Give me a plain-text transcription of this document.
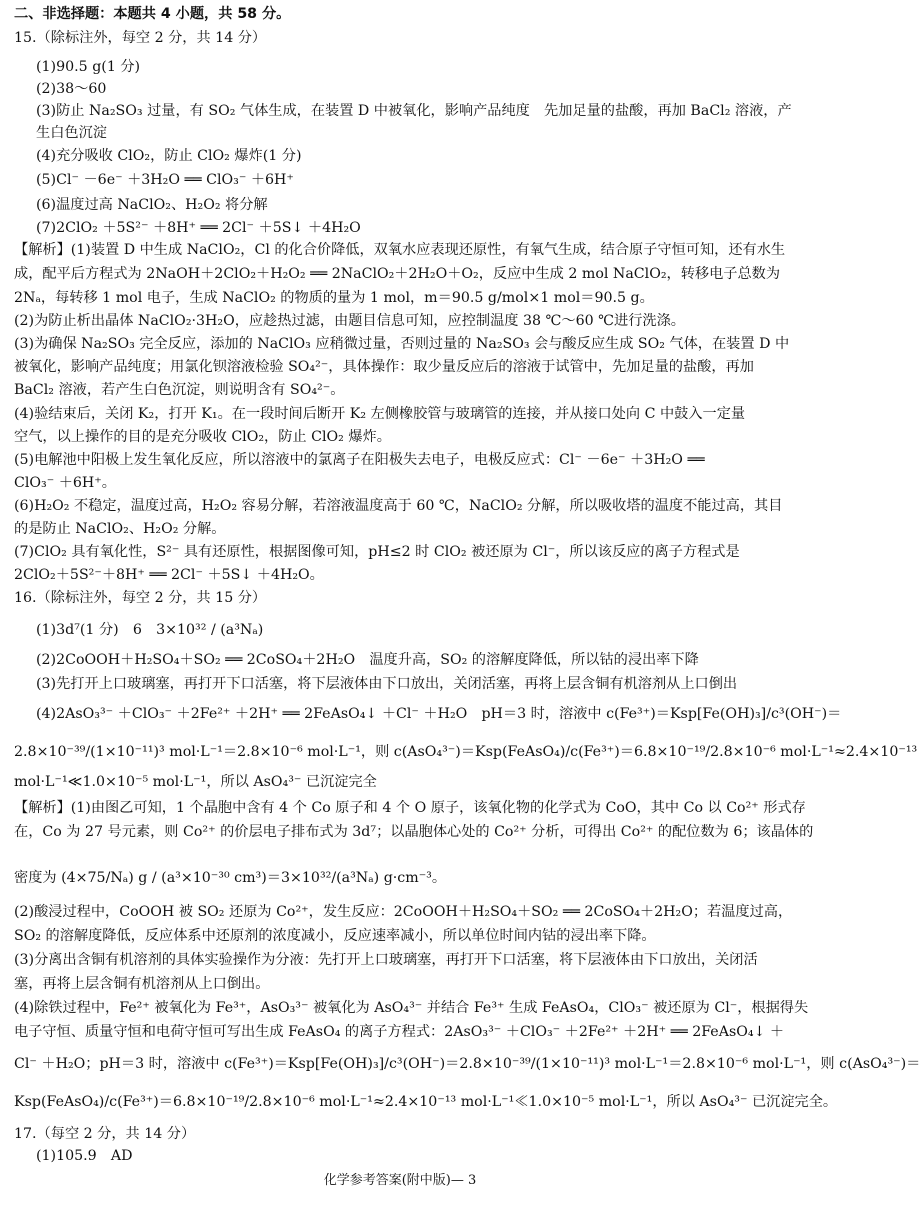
二、非选择题：本题共 4 小题，共 58 分。
15.（除标注外，每空 2 分，共 14 分）
(1)90.5 g(1 分)
(2)38～60
(3)防止 Na₂SO₃ 过量，有 SO₂ 气体生成，在装置 D 中被氧化，影响产品纯度　先加足量的盐酸，再加 BaCl₂ 溶液，产
生白色沉淀
(4)充分吸收 ClO₂，防止 ClO₂ 爆炸(1 分)
(5)Cl⁻ －6e⁻ ＋3H₂O ══ ClO₃⁻ ＋6H⁺
(6)温度过高 NaClO₂、H₂O₂ 将分解
(7)2ClO₂ ＋5S²⁻ ＋8H⁺ ══ 2Cl⁻ ＋5S↓ ＋4H₂O
【解析】(1)装置 D 中生成 NaClO₂，Cl 的化合价降低，双氧水应表现还原性，有氧气生成，结合原子守恒可知，还有水生
成，配平后方程式为 2NaOH＋2ClO₂＋H₂O₂ ══ 2NaClO₂＋2H₂O＋O₂，反应中生成 2 mol NaClO₂，转移电子总数为
2Nₐ，每转移 1 mol 电子，生成 NaClO₂ 的物质的量为 1 mol，m＝90.5 g/mol×1 mol＝90.5 g。
(2)为防止析出晶体 NaClO₂·3H₂O，应趁热过滤，由题目信息可知，应控制温度 38 ℃～60 ℃进行洗涤。
(3)为确保 Na₂SO₃ 完全反应，添加的 NaClO₃ 应稍微过量，否则过量的 Na₂SO₃ 会与酸反应生成 SO₂ 气体，在装置 D 中
被氧化，影响产品纯度；用氯化钡溶液检验 SO₄²⁻，具体操作：取少量反应后的溶液于试管中，先加足量的盐酸，再加
BaCl₂ 溶液，若产生白色沉淀，则说明含有 SO₄²⁻。
(4)验结束后，关闭 K₂，打开 K₁。在一段时间后断开 K₂ 左侧橡胶管与玻璃管的连接，并从接口处向 C 中鼓入一定量
空气，以上操作的目的是充分吸收 ClO₂，防止 ClO₂ 爆炸。
(5)电解池中阳极上发生氧化反应，所以溶液中的氯离子在阳极失去电子，电极反应式：Cl⁻ －6e⁻ ＋3H₂O ══
ClO₃⁻ ＋6H⁺。
(6)H₂O₂ 不稳定，温度过高，H₂O₂ 容易分解，若溶液温度高于 60 ℃，NaClO₂ 分解，所以吸收塔的温度不能过高，其目
的是防止 NaClO₂、H₂O₂ 分解。
(7)ClO₂ 具有氧化性，S²⁻ 具有还原性，根据图像可知，pH≤2 时 ClO₂ 被还原为 Cl⁻，所以该反应的离子方程式是
2ClO₂＋5S²⁻＋8H⁺ ══ 2Cl⁻ ＋5S↓ ＋4H₂O。
16.（除标注外，每空 2 分，共 15 分）
(1)3d⁷(1 分)　6　3×10³² / (a³Nₐ)
(2)2CoOOH＋H₂SO₄＋SO₂ ══ 2CoSO₄＋2H₂O　温度升高，SO₂ 的溶解度降低，所以钴的浸出率下降
(3)先打开上口玻璃塞，再打开下口活塞，将下层液体由下口放出，关闭活塞，再将上层含铜有机溶剂从上口倒出
(4)2AsO₃³⁻ ＋ClO₃⁻ ＋2Fe²⁺ ＋2H⁺ ══ 2FeAsO₄↓ ＋Cl⁻ ＋H₂O　pH＝3 时，溶液中 c(Fe³⁺)＝Ksp[Fe(OH)₃]/c³(OH⁻)＝
2.8×10⁻³⁹/(1×10⁻¹¹)³ mol·L⁻¹＝2.8×10⁻⁶ mol·L⁻¹，则 c(AsO₄³⁻)＝Ksp(FeAsO₄)/c(Fe³⁺)＝6.8×10⁻¹⁹/2.8×10⁻⁶ mol·L⁻¹≈2.4×10⁻¹³
mol·L⁻¹≪1.0×10⁻⁵ mol·L⁻¹，所以 AsO₄³⁻ 已沉淀完全
【解析】(1)由图乙可知，1 个晶胞中含有 4 个 Co 原子和 4 个 O 原子，该氧化物的化学式为 CoO，其中 Co 以 Co²⁺ 形式存
在，Co 为 27 号元素，则 Co²⁺ 的价层电子排布式为 3d⁷；以晶胞体心处的 Co²⁺ 分析，可得出 Co²⁺ 的配位数为 6；该晶体的
密度为 (4×75/Nₐ) g / (a³×10⁻³⁰ cm³)＝3×10³²/(a³Nₐ) g·cm⁻³。
(2)酸浸过程中，CoOOH 被 SO₂ 还原为 Co²⁺，发生反应：2CoOOH＋H₂SO₄＋SO₂ ══ 2CoSO₄＋2H₂O；若温度过高，
SO₂ 的溶解度降低，反应体系中还原剂的浓度减小，反应速率减小，所以单位时间内钴的浸出率下降。
(3)分离出含铜有机溶剂的具体实验操作为分液：先打开上口玻璃塞，再打开下口活塞，将下层液体由下口放出，关闭活
塞，再将上层含铜有机溶剂从上口倒出。
(4)除铁过程中，Fe²⁺ 被氧化为 Fe³⁺，AsO₃³⁻ 被氧化为 AsO₄³⁻ 并结合 Fe³⁺ 生成 FeAsO₄，ClO₃⁻ 被还原为 Cl⁻，根据得失
电子守恒、质量守恒和电荷守恒可写出生成 FeAsO₄ 的离子方程式：2AsO₃³⁻ ＋ClO₃⁻ ＋2Fe²⁺ ＋2H⁺ ══ 2FeAsO₄↓ ＋
Cl⁻ ＋H₂O；pH＝3 时，溶液中 c(Fe³⁺)＝Ksp[Fe(OH)₃]/c³(OH⁻)＝2.8×10⁻³⁹/(1×10⁻¹¹)³ mol·L⁻¹＝2.8×10⁻⁶ mol·L⁻¹，则 c(AsO₄³⁻)＝
Ksp(FeAsO₄)/c(Fe³⁺)＝6.8×10⁻¹⁹/2.8×10⁻⁶ mol·L⁻¹≈2.4×10⁻¹³ mol·L⁻¹≪1.0×10⁻⁵ mol·L⁻¹，所以 AsO₄³⁻ 已沉淀完全。
17.（每空 2 分，共 14 分）
(1)105.9　AD
化学参考答案(附中版)— 3
